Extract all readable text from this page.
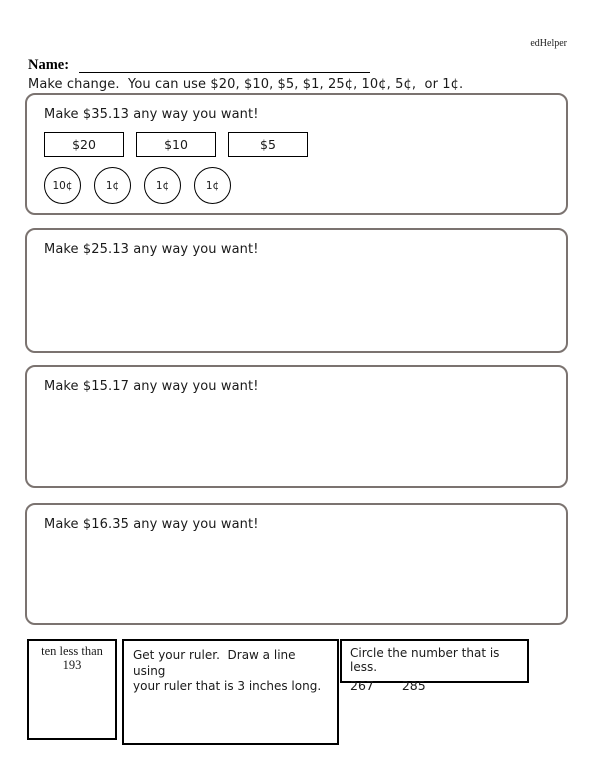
edHelper
Name:
Make change.  You can use $20, $10, $5, $1, 25¢, 10¢, 5¢,  or 1¢.
Make $35.13 any way you want!
$20	$10	$5
10¢	1¢	1¢	1¢
Make $25.13 any way you want!
Make $15.17 any way you want!
Make $16.35 any way you want!
ten less than
193
Get your ruler.  Draw a line using
your ruler that is 3 inches long.
Circle the number that is less.
267 285
